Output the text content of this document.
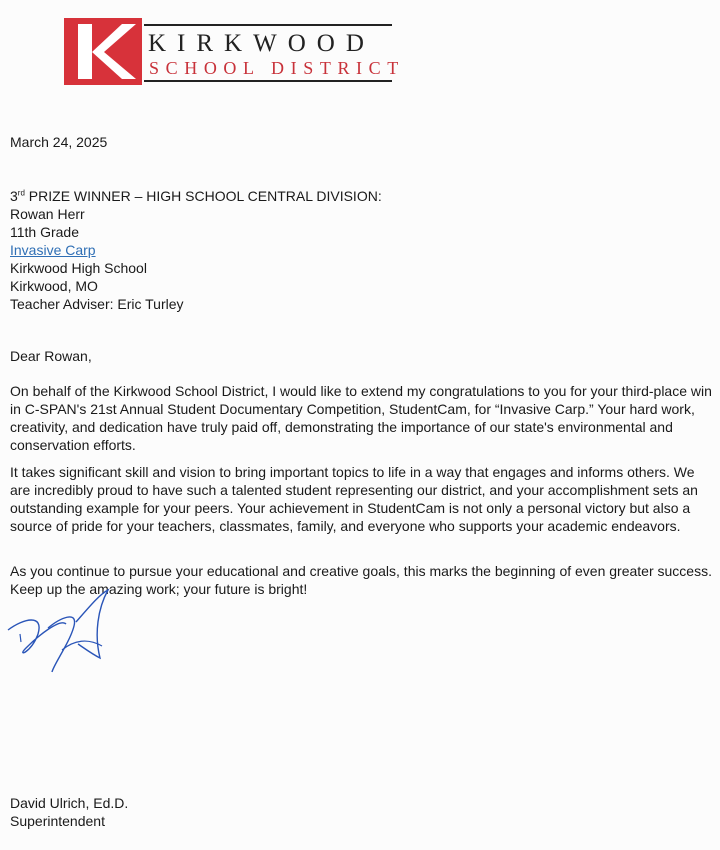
KIRKWOOD
SCHOOL DISTRICT
March 24, 2025
3rd PRIZE WINNER – HIGH SCHOOL CENTRAL DIVISION:
Rowan Herr
11th Grade
Invasive Carp
Kirkwood High School
Kirkwood, MO
Teacher Adviser: Eric Turley
Dear Rowan,

On behalf of the Kirkwood School District, I would like to extend my congratulations to you for your third-place win in C-SPAN's 21st Annual Student Documentary Competition, StudentCam, for “Invasive Carp.” Your hard work, creativity, and dedication have truly paid off, demonstrating the importance of our state's environmental and conservation efforts.

It takes significant skill and vision to bring important topics to life in a way that engages and informs others. We are incredibly proud to have such a talented student representing our district, and your accomplishment sets an outstanding example for your peers. Your achievement in StudentCam is not only a personal victory but also a source of pride for your teachers, classmates, family, and everyone who supports your academic endeavors.

As you continue to pursue your educational and creative goals, this marks the beginning of even greater success. Keep up the amazing work; your future is bright!

David Ulrich, Ed.D.
Superintendent
